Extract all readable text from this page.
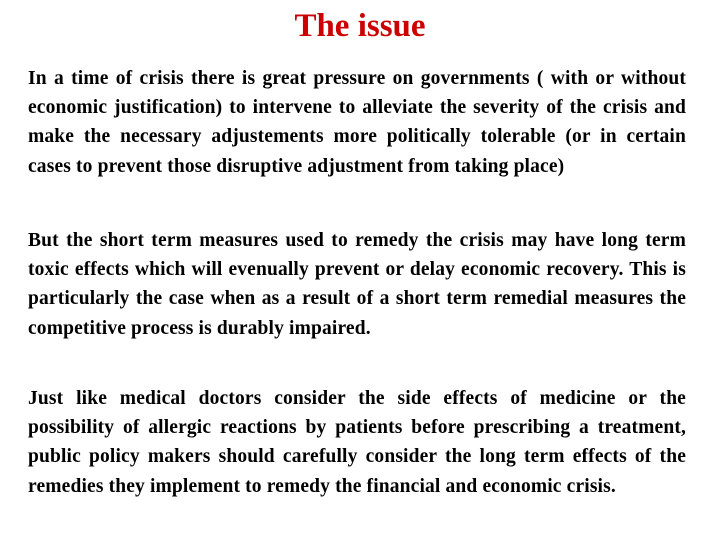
The issue
In a time of crisis there is great pressure on governments ( with or without economic justification) to intervene to alleviate the severity of the crisis and make the necessary adjustements more politically tolerable (or in certain cases to prevent those disruptive adjustment from taking place)
But the short term measures used to remedy the crisis may have long term toxic effects which will evenually prevent or delay economic recovery. This is particularly the case when as a result of a short term remedial measures the competitive process is durably impaired.
Just like medical doctors consider the side effects of medicine or the possibility of allergic reactions by patients before prescribing a treatment, public policy makers should carefully consider the long term effects of the remedies they implement to remedy the financial and economic crisis.
